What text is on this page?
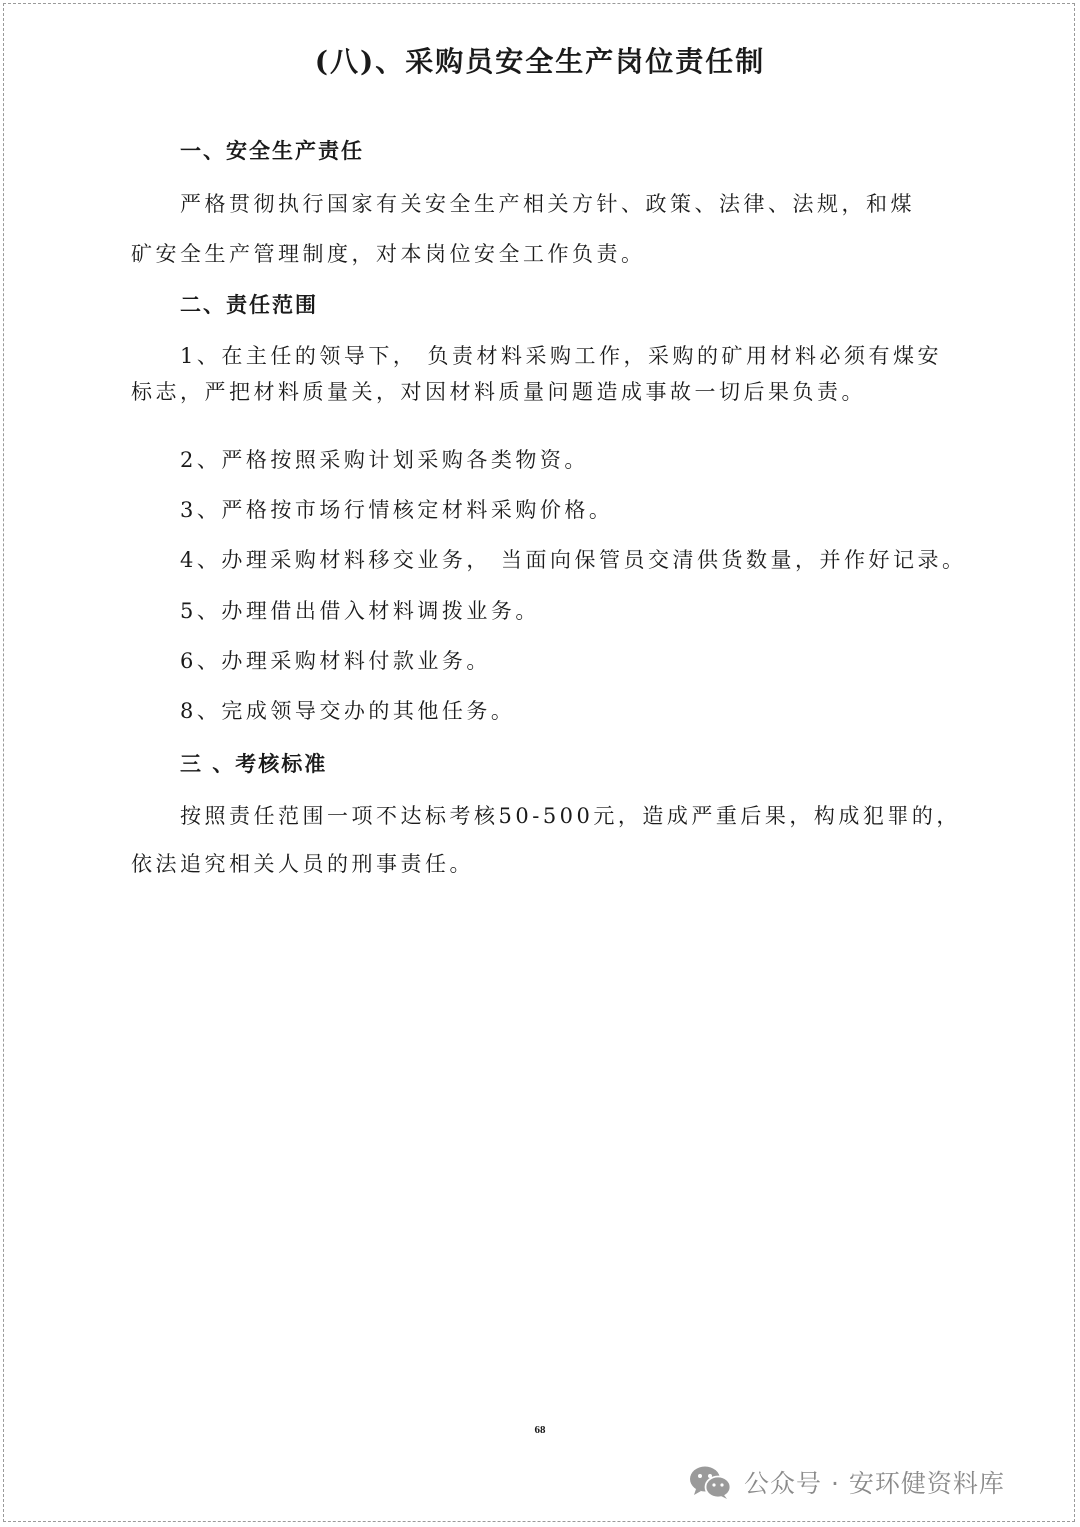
(八)、采购员安全生产岗位责任制
一、安全生产责任
严格贯彻执行国家有关安全生产相关方针、政策、法律、法规，和煤
矿安全生产管理制度，对本岗位安全工作负责。
二、责任范围
1、在主任的领导下， 负责材料采购工作，采购的矿用材料必须有煤安
标志，严把材料质量关，对因材料质量问题造成事故一切后果负责。
2、严格按照采购计划采购各类物资。
3、严格按市场行情核定材料采购价格。
4、办理采购材料移交业务， 当面向保管员交清供货数量，并作好记录。
5、办理借出借入材料调拨业务。
6、办理采购材料付款业务。
8、完成领导交办的其他任务。
三 、考核标准
按照责任范围一项不达标考核50-500元，造成严重后果，构成犯罪的，
依法追究相关人员的刑事责任。
68
公众号 · 安环健资料库
